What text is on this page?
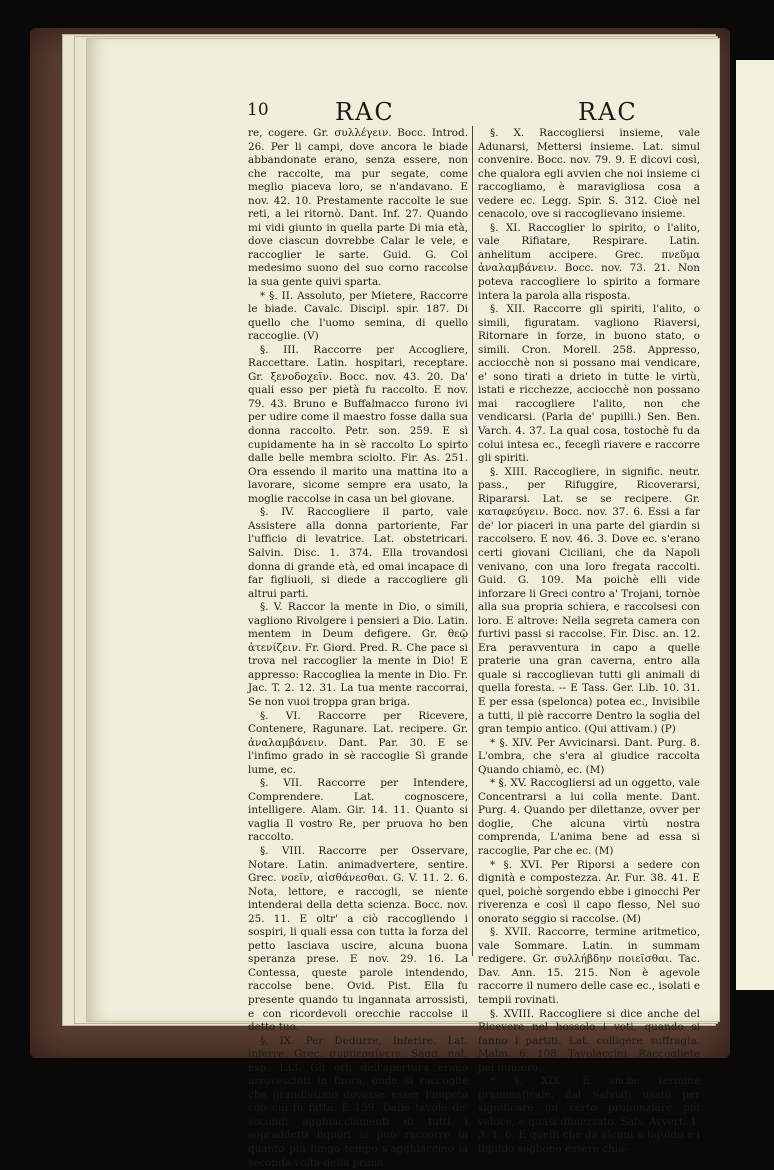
10	RAC	RAC

re, cogere. Gr. συλλέγειν. Bocc. Introd. 26. Per li campi, dove ancora le biade abbandonate erano, senza essere, non che raccolte, ma pur segate, come meglio piaceva loro, se n'andavano. E nov. 42. 10. Prestamente raccolte le sue reti, a lei ritornò. Dant. Inf. 27. Quando mi vidi giunto in quella parte Di mia età, dove ciascun dovrebbe Calar le vele, e raccoglier le sarte. Guid. G. Col medesimo suono del suo corno raccolse la sua gente quivi sparta.

* §. II. Assoluto, per Mietere, Raccorre le biade. Cavalc. Discipl. spir. 187. Di quello che l'uomo semina, di quello raccoglie. (V)

§. III. Raccorre per Accogliere, Raccettare. Latin. hospitari, receptare. Gr. ξενοδοχεῖν. Bocc. nov. 43. 20. Da' quali esso per pietà fu raccolto. E nov. 79. 43. Bruno e Buffalmacco furono ivi per udire come il maestro fosse dalla sua donna raccolto. Petr. son. 259. E sì cupidamente ha in sè raccolto Lo spirto dalle belle membra sciolto. Fir. As. 251. Ora essendo il marito una mattina ito a lavorare, sicome sempre era usato, la moglie raccolse in casa un bel giovane.

§. IV. Raccogliere il parto, vale Assistere alla donna partoriente, Far l'ufficio di levatrice. Lat. obstetricari. Salvin. Disc. 1. 374. Ella trovandosi donna di grande età, ed omai incapace di far figliuoli, si diede a raccogliere gli altrui parti.

§. V. Raccor la mente in Dio, o simili, vagliono Rivolgere i pensieri a Dio. Latin. mentem in Deum defigere. Gr. θεῷ ἀτενίζειν. Fr. Giord. Pred. R. Che pace si trova nel raccoglier la mente in Dio! E appresso: Raccogliea la mente in Dio. Fr. Jac. T. 2. 12. 31. La tua mente raccorrai, Se non vuoi troppa gran briga.

§. VI. Raccorre per Ricevere, Contenere, Ragunare. Lat. recipere. Gr. ἀναλαμβάνειν. Dant. Par. 30. E se l'infimo grado in sè raccoglie Sì grande lume, ec.

§. VII. Raccorre per Intendere, Comprendere. Lat. cognoscere, intelligere. Alam. Gir. 14. 11. Quanto si vaglia Il vostro Re, per pruova ho ben raccolto.

§. VIII. Raccorre per Osservare, Notare. Latin. animadvertere, sentire. Grec. νοεῖν, αἰσθάνεσθαι. G. V. 11. 2. 6. Nota, lettore, e raccogli, se niente intenderai della detta scienza. Bocc. nov. 25. 11. E oltr' a ciò raccogliendo i sospiri, li quali essa con tutta la forza del petto lasciava uscire, alcuna buona speranza prese. E nov. 29. 16. La Contessa, queste parole intendendo, raccolse bene. Ovid. Pist. Ella fu presente quando tu ingannata arrossisti, e con ricordevoli orecchie raccolse il detto tuo.

§. IX. Per Dedurre, Inferire. Lat. inferre. Grec. συμπεραίνειν. Sagg. nat. esp. 133. Gli orli dell'apertura erano arrovesciati in fuora, onde si raccoglie che grandissimo dovesse esser l'impeto con cui fu fatta. E 159. Dalle tavole de' secondi agghiacciamenti di tutti i sopraddetti liquori si può raccorre in quanto più lungo tempo s'agghiaccino la seconda volta della prima.

§. X. Raccogliersi insieme, vale Adunarsi, Mettersi insieme. Lat. simul convenire. Bocc. nov. 79. 9. E dicovi così, che qualora egli avvien che noi insieme ci raccogliamo, è maravigliosa cosa a vedere ec. Legg. Spir. S. 312. Cioè nel cenacolo, ove si raccoglievano insieme.

§. XI. Raccoglier lo spirito, o l'alito, vale Rifiatare, Respirare. Latin. anhelitum accipere. Grec. πνεῦμα ἀναλαμβάνειν. Bocc. nov. 73. 21. Non poteva raccogliere lo spirito a formare intera la parola alla risposta.

§. XII. Raccorre gli spiriti, l'alito, o simili, figuratam. vagliono Riaversi, Ritornare in forze, in buono stato, o simili. Cron. Morell. 258. Appresso, acciocchè non si possano mai vendicare, e' sono tirati a drieto in tutte le virtù, istati e ricchezze, acciocchè non possano mai raccogliere l'alito, non che vendicarsi. (Parla de' pupilli.) Sen. Ben. Varch. 4. 37. La qual cosa, tostochè fu da colui intesa ec., feceglì riavere e raccorre gli spiriti.

§. XIII. Raccogliere, in signific. neutr. pass., per Rifuggire, Ricoverarsi, Ripararsi. Lat. se se recipere. Gr. καταφεύγειν. Bocc. nov. 37. 6. Essi a far de' lor piaceri in una parte del giardin si raccolsero. E nov. 46. 3. Dove ec. s'erano certi giovani Ciciliani, che da Napoli venivano, con una loro fregata raccolti. Guid. G. 109. Ma poichè elli vide inforzare li Greci contro a' Trojani, tornòe alla sua propria schiera, e raccolsesi con loro. E altrove: Nella segreta camera con furtivi passi si raccolse. Fir. Disc. an. 12. Era peravventura in capo a quelle praterie una gran caverna, entro alla quale si raccoglievan tutti gli animali di quella foresta. -- E Tass. Ger. Lib. 10. 31. E per essa (spelonca) potea ec., Invisibile a tutti, il piè raccorre Dentro la soglia del gran tempio antico. (Qui attivam.) (P)

* §. XIV. Per Avvicinarsi. Dant. Purg. 8. L'ombra, che s'era al giudice raccolta Quando chiamò, ec. (M)

* §. XV. Raccogliersi ad un oggetto, vale Concentrarsi a lui colla mente. Dant. Purg. 4. Quando per dilettanze, ovver per doglie, Che alcuna virtù nostra comprenda, L'anima bene ad essa si raccoglie, Par che ec. (M)

* §. XVI. Per Riporsi a sedere con dignità e compostezza. Ar. Fur. 38. 41. E quel, poichè sorgendo ebbe i ginocchi Per riverenza e così il capo flesso, Nel suo onorato seggio si raccolse. (M)

§. XVII. Raccorre, termine aritmetico, vale Sommare. Latin. in summam redigere. Gr. συλλήβδην ποιεῖσθαι. Tac. Dav. Ann. 15. 215. Non è agevole raccorre il numero delle case ec., isolati e tempii rovinati.

§. XVIII. Raccogliere si dice anche del Ricevere nel bossolo i voti, quando si fanno i partiti. Lat. colligere suffragia. Malm. 6. 108. Tavolaccini, Raccogliete pel numero.

* §. XIX. È anche termine grammaticale, dal Salviati usato per significare un certo pronunziare più veloce, e quasi dimezzato. Salv. Avvert. 1. 3. 1. 6. E quelli che da alcuni u liquido e i liquido sogliono essere chia-
